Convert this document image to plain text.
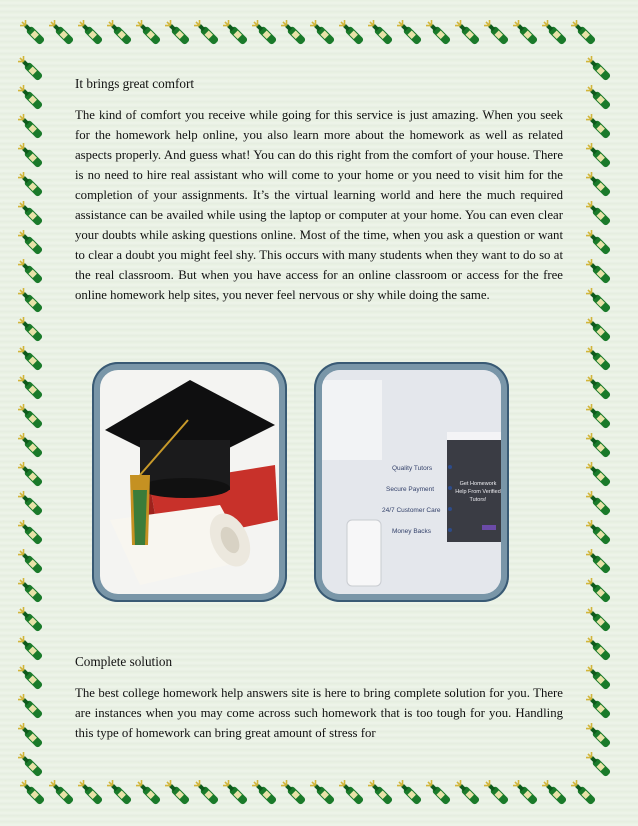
It brings great comfort

The kind of comfort you receive while going for this service is just amazing. When you seek for the homework help online, you also learn more about the homework as well as related aspects properly. And guess what! You can do this right from the comfort of your house. There is no need to hire real assistant who will come to your home or you need to visit him for the completion of your assignments. It’s the virtual learning world and here the much required assistance can be availed while using the laptop or computer at your home. You can even clear your doubts while asking questions online. Most of the time, when you ask a question or want to clear a doubt you might feel shy. This occurs with many students when they want to do so at the real classroom. But when you have access for an online classroom or access for the free online homework help sites, you never feel nervous or shy while doing the same.

Quality Tutors
Secure Payment
24/7 Customer Care
Money Backs
Get Homework Help From Verified Tutors!
Complete solution

The best college homework help answers site is here to bring complete solution for you. There are instances when you may come across such homework that is too tough for you. Handling this type of homework can bring great amount of stress for
